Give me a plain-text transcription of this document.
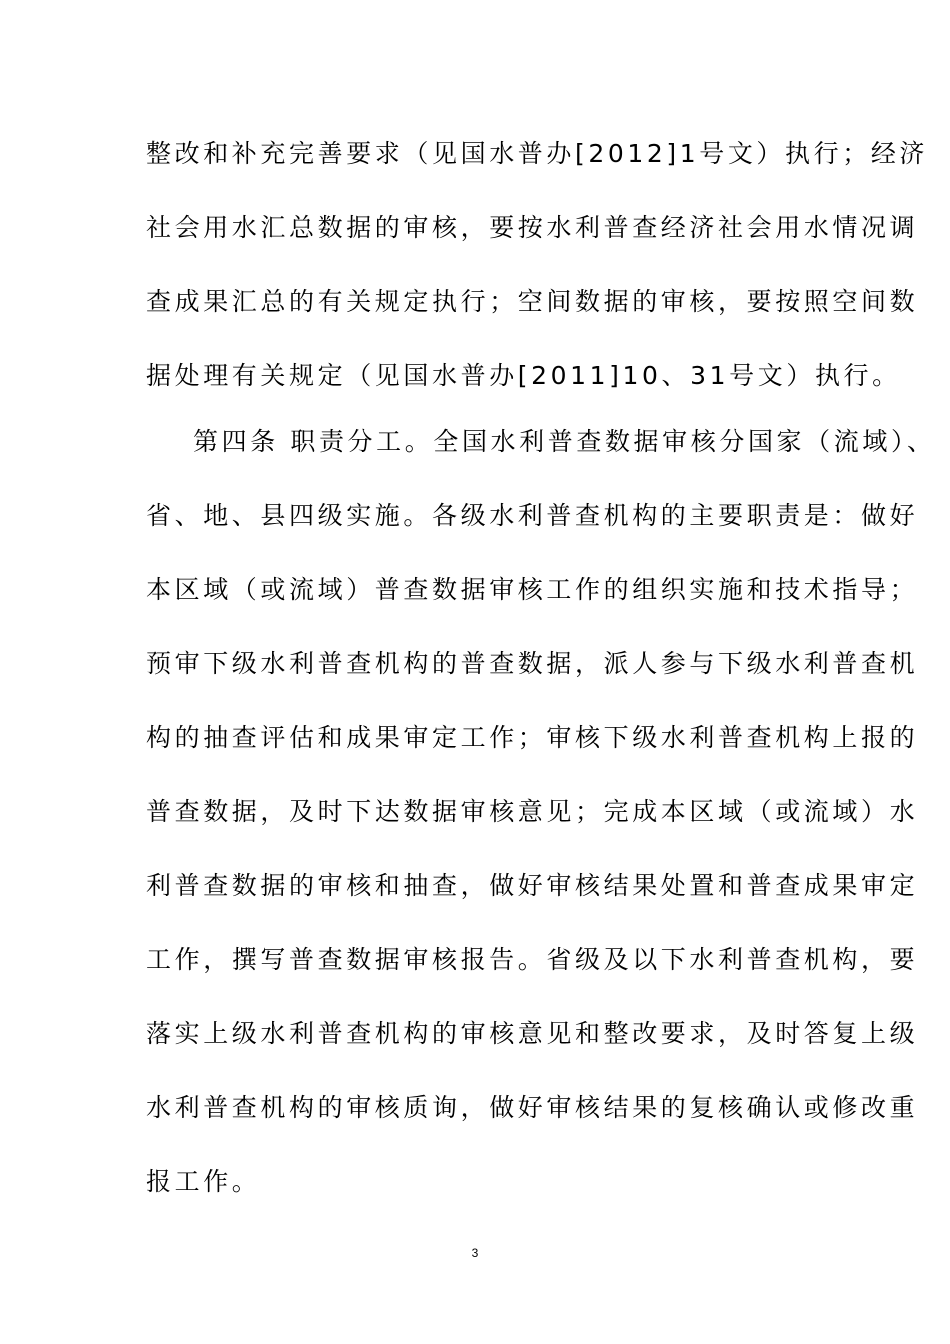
整改和补充完善要求（见国水普办[2012]1号文）执行；经济
社会用水汇总数据的审核，要按水利普查经济社会用水情况调
查成果汇总的有关规定执行；空间数据的审核，要按照空间数
据处理有关规定（见国水普办[2011]10、31号文）执行。
第四条 职责分工。全国水利普查数据审核分国家（流域）、
省、地、县四级实施。各级水利普查机构的主要职责是：做好
本区域（或流域）普查数据审核工作的组织实施和技术指导；
预审下级水利普查机构的普查数据，派人参与下级水利普查机
构的抽查评估和成果审定工作；审核下级水利普查机构上报的
普查数据，及时下达数据审核意见；完成本区域（或流域）水
利普查数据的审核和抽查，做好审核结果处置和普查成果审定
工作，撰写普查数据审核报告。省级及以下水利普查机构，要
落实上级水利普查机构的审核意见和整改要求，及时答复上级
水利普查机构的审核质询，做好审核结果的复核确认或修改重
报工作。
3
